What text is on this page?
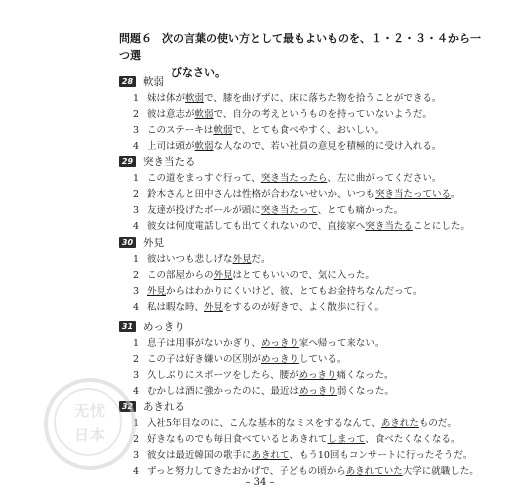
問題６ 次の言葉の使い方として最もよいものを、１・２・３・４から一つ選
びなさい。
28 軟弱
1 妹は体が軟弱で、膝を曲げずに、床に落ちた物を拾うことができる。
2 彼は意志が軟弱で、自分の考えというものを持っていないようだ。
3 このステーキは軟弱で、とても食べやすく、おいしい。
4 上司は頭が軟弱な人なので、若い社員の意見を積極的に受け入れる。
29 突き当たる
1 この道をまっすぐ行って、突き当たったら、左に曲がってください。
2 鈴木さんと田中さんは性格が合わないせいか、いつも突き当たっている。
3 友達が投げたボールが頭に突き当たって、とても痛かった。
4 彼女は何度電話しても出てくれないので、直接家へ突き当たることにした。
30 外見
1 彼はいつも悲しげな外見だ。
2 この部屋からの外見はとてもいいので、気に入った。
3 外見からはわかりにくいけど、彼、とてもお金持ちなんだって。
4 私は暇な時、外見をするのが好きで、よく散歩に行く。
31 めっきり
1 息子は用事がないかぎり、めっきり家へ帰って来ない。
2 この子は好き嫌いの区別がめっきりしている。
3 久しぶりにスポーツをしたら、腰がめっきり痛くなった。
4 むかしは酒に強かったのに、最近はめっきり弱くなった。
32 あきれる
1 入社5年目なのに、こんな基本的なミスをするなんて、あきれたものだ。
2 好きなものでも毎日食べているとあきれてしまって、食べたくなくなる。
3 彼女は最近韓国の歌手にあきれて、もう10回もコンサートに行ったそうだ。
4 ずっと努力してきたおかげで、子どもの頃からあきれていた大学に就職した。
无忧
日本
– 34 –
